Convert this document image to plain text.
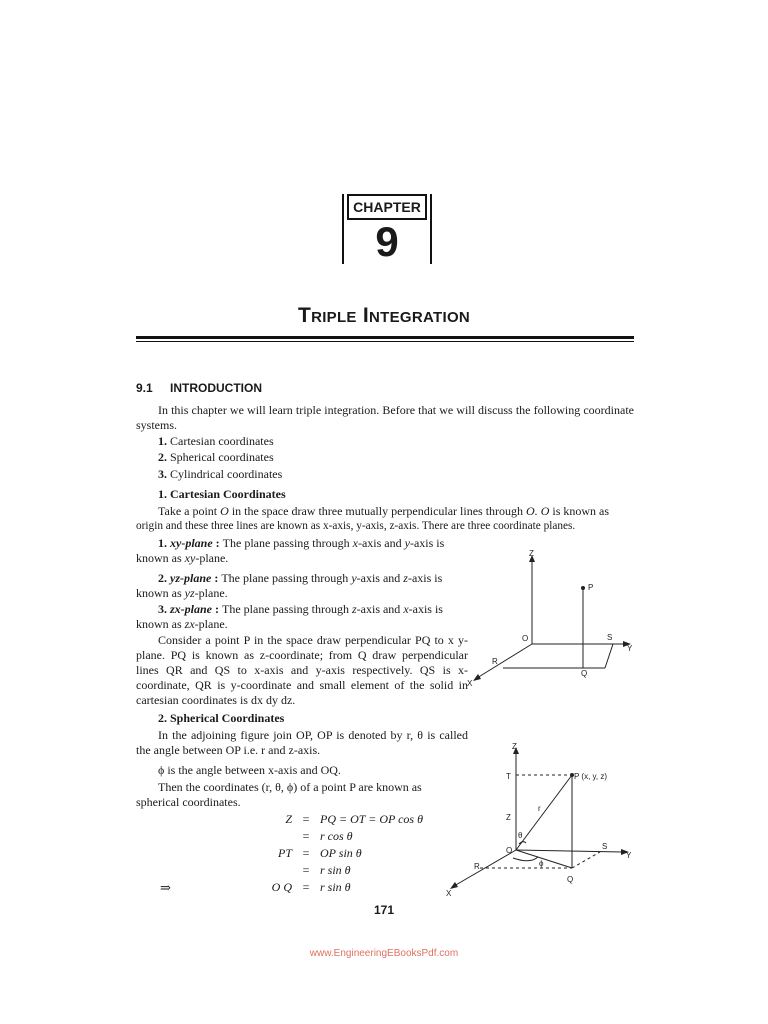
CHAPTER
9
Triple Integration
9.1 INTRODUCTION
In this chapter we will learn triple integration. Before that we will discuss the following coordinate systems.
1. Cartesian coordinates
2. Spherical coordinates
3. Cylindrical coordinates
1. Cartesian Coordinates
Take a point O in the space draw three mutually perpendicular lines through O. O is known as
origin and these three lines are known as x-axis, y-axis, z-axis. There are three coordinate planes.
1. xy-plane : The plane passing through x-axis and y-axis is known as xy-plane.
2. yz-plane : The plane passing through y-axis and z-axis is known as yz-plane.
3. zx-plane : The plane passing through z-axis and x-axis is known as zx-plane.
Consider a point P in the space draw perpendicular PQ to x y-plane. PQ is known as z-coordinate; from Q draw perpendicular lines QR and QS to x-axis and y-axis respectively. QS is x-coordinate, QR is y-coordinate and small element of the solid in cartesian coordinates is dx dy dz.
Z
P
O	S
Y
R
Q
X
2. Spherical Coordinates
In the adjoining figure join OP, OP is denoted by r, θ is called the angle between OP i.e. r and z-axis.
ϕ is the angle between x-axis and OQ.
Then the coordinates (r, θ, ϕ) of a point P are known as spherical coordinates.
Z = PQ = OT = OP cos θ
= r cos θ
PT = OP sin θ
= r sin θ
⇒	O Q = r sin θ
Z
T	P (x, y, z)
r
Z
θ
O	S
Y
R	ϕ
Q
X
171
www.EngineeringEBooksPdf.com
